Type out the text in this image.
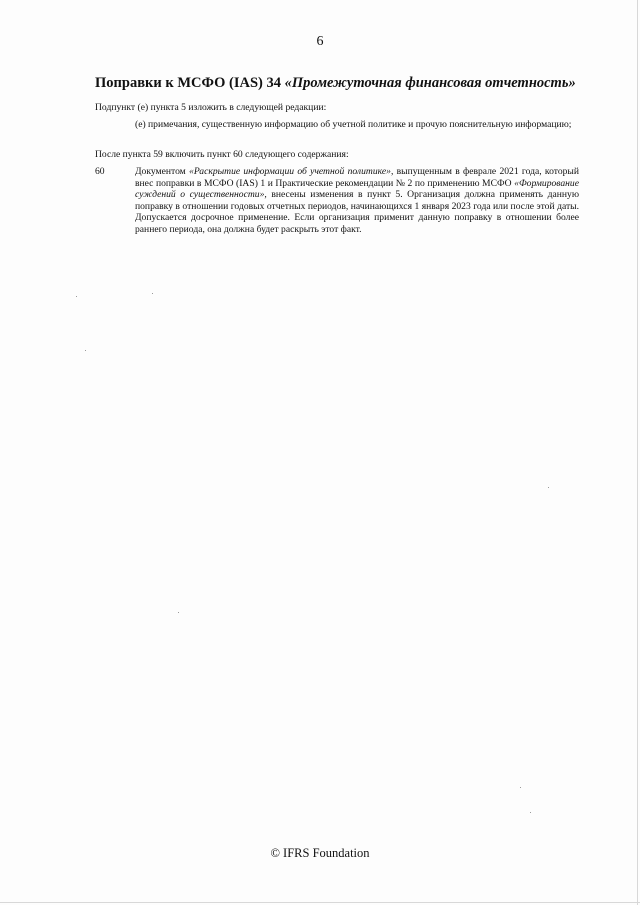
6
Поправки к МСФО (IAS) 34 «Промежуточная финансовая отчетность»
Подпункт (е) пункта 5 изложить в следующей редакции:
(е) примечания, существенную информацию об учетной политике и прочую пояснительную информацию;
После пункта 59 включить пункт 60 следующего содержания:
60	Документом «Раскрытие информации об учетной политике», выпущенным в феврале 2021 года, который внес поправки в МСФО (IAS) 1 и Практические рекомендации № 2 по применению МСФО «Формирование суждений о существенности», внесены изменения в пункт 5. Организация должна применять данную поправку в отношении годовых отчетных периодов, начинающихся 1 января 2023 года или после этой даты. Допускается досрочное применение. Если организация применит данную поправку в отношении более раннего периода, она должна будет раскрыть этот факт.
© IFRS Foundation
